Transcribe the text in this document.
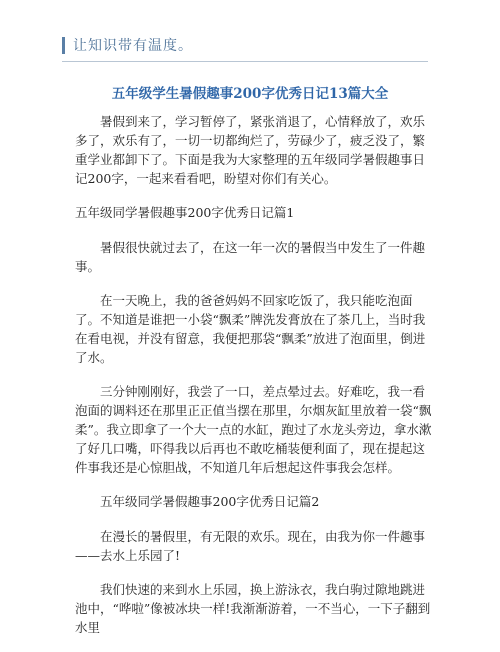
让知识带有温度。
五年级学生暑假趣事200字优秀日记13篇大全

暑假到来了，学习暂停了，紧张消退了，心情释放了，欢乐多了，欢乐有了，一切一切都绚烂了，劳碌少了，疲乏没了，繁重学业都卸下了。下面是我为大家整理的五年级同学暑假趣事日记200字，一起来看看吧，盼望对你们有关心。

五年级同学暑假趣事200字优秀日记篇1

暑假很快就过去了，在这一年一次的暑假当中发生了一件趣事。

在一天晚上，我的爸爸妈妈不回家吃饭了，我只能吃泡面了。不知道是谁把一小袋“飘柔”牌洗发膏放在了茶几上，当时我在看电视，并没有留意，我便把那袋“飘柔”放进了泡面里，倒进了水。

三分钟刚刚好，我尝了一口，差点晕过去。好难吃，我一看泡面的调料还在那里正正值当摆在那里，尔烟灰缸里放着一袋“飘柔”。我立即拿了一个大一点的水缸，跑过了水龙头旁边，拿水漱了好几口嘴，吓得我以后再也不敢吃桶装便利面了，现在提起这件事我还是心惊胆战，不知道几年后想起这件事我会怎样。

五年级同学暑假趣事200字优秀日记篇2

在漫长的暑假里，有无限的欢乐。现在，由我为你一件趣事——去水上乐园了!

我们快速的来到水上乐园，换上游泳衣，我白驹过隙地跳进池中，“哗啦”像被冰块一样!我渐渐游着，一不当心，一下子翻到水里
